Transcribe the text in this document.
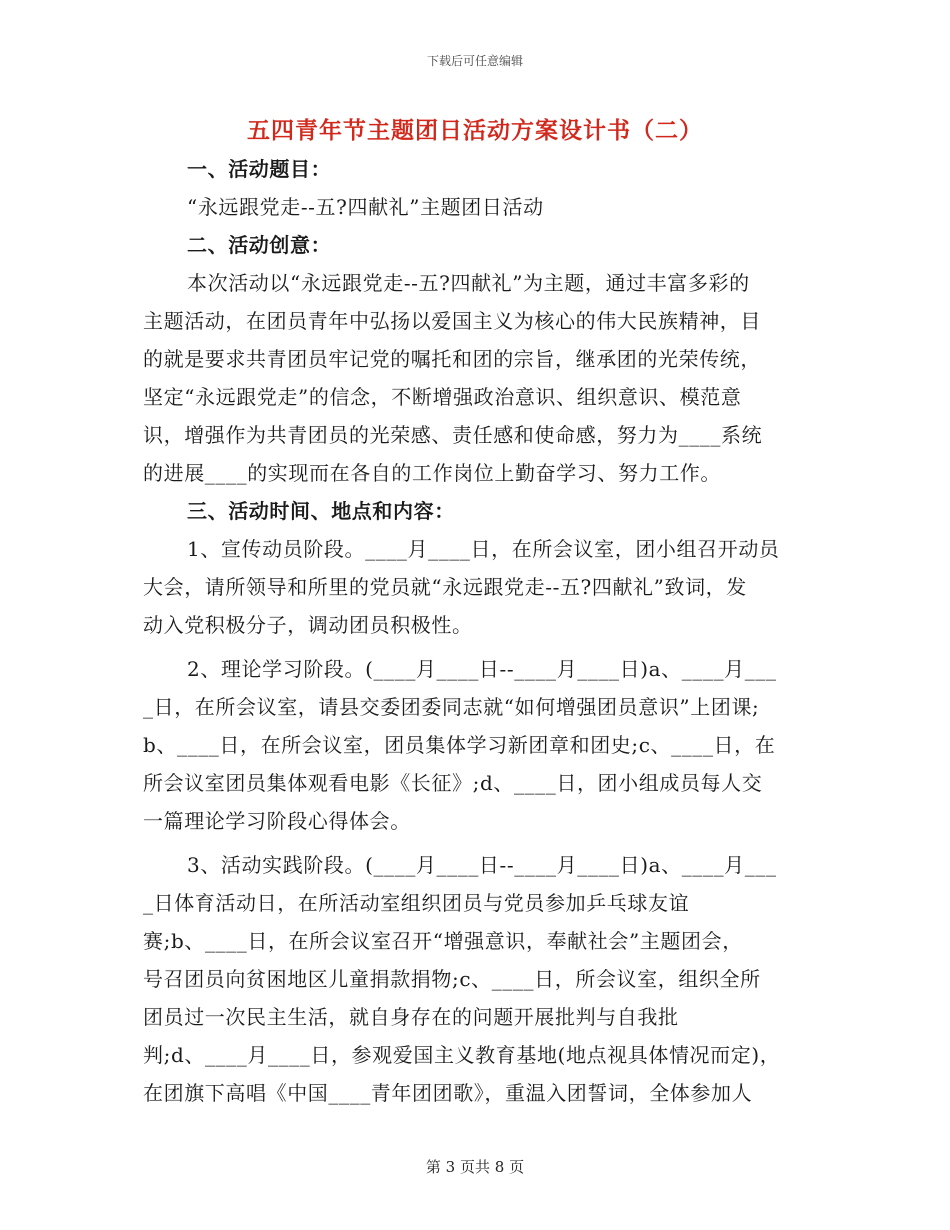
下载后可任意编辑
五四青年节主题团日活动方案设计书（二）
一、活动题目：
“永远跟党走--五?四献礼”主题团日活动
二、活动创意：
本次活动以“永远跟党走--五?四献礼”为主题，通过丰富多彩的
主题活动，在团员青年中弘扬以爱国主义为核心的伟大民族精神，目
的就是要求共青团员牢记党的嘱托和团的宗旨，继承团的光荣传统，
坚定“永远跟党走”的信念，不断增强政治意识、组织意识、模范意
识，增强作为共青团员的光荣感、责任感和使命感，努力为____系统
的进展____的实现而在各自的工作岗位上勤奋学习、努力工作。
三、活动时间、地点和内容：
1、宣传动员阶段。____月____日，在所会议室，团小组召开动员
大会，请所领导和所里的党员就“永远跟党走--五?四献礼”致词，发
动入党积极分子，调动团员积极性。
2、理论学习阶段。(____月____日--____月____日)a、____月___
_日，在所会议室，请县交委团委同志就“如何增强团员意识”上团课;
b、____日，在所会议室，团员集体学习新团章和团史;c、____日，在
所会议室团员集体观看电影《长征》;d、____日，团小组成员每人交
一篇理论学习阶段心得体会。
3、活动实践阶段。(____月____日--____月____日)a、____月___
_日体育活动日，在所活动室组织团员与党员参加乒乓球友谊
赛;b、____日，在所会议室召开“增强意识，奉献社会”主题团会，
号召团员向贫困地区儿童捐款捐物;c、____日，所会议室，组织全所
团员过一次民主生活，就自身存在的问题开展批判与自我批
判;d、____月____日，参观爱国主义教育基地(地点视具体情况而定)，
在团旗下高唱《中国____青年团团歌》，重温入团誓词，全体参加人
第 3 页共 8 页
